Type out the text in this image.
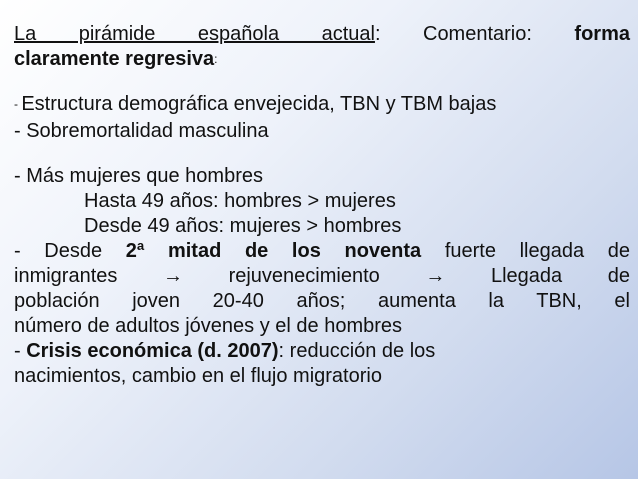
La pirámide española actual: Comentario: forma

claramente regresiva:

- Estructura demográfica envejecida, TBN y TBM bajas

- Sobremortalidad masculina

- Más mujeres que hombres

Hasta 49 años: hombres > mujeres

Desde 49 años: mujeres > hombres

- Desde 2ª mitad de los noventa fuerte llegada de

inmigrantes → rejuvenecimiento → Llegada de

población joven 20-40 años; aumenta la TBN, el

número de adultos jóvenes y el de hombres

- Crisis económica (d. 2007): reducción de los

nacimientos, cambio en el flujo migratorio
